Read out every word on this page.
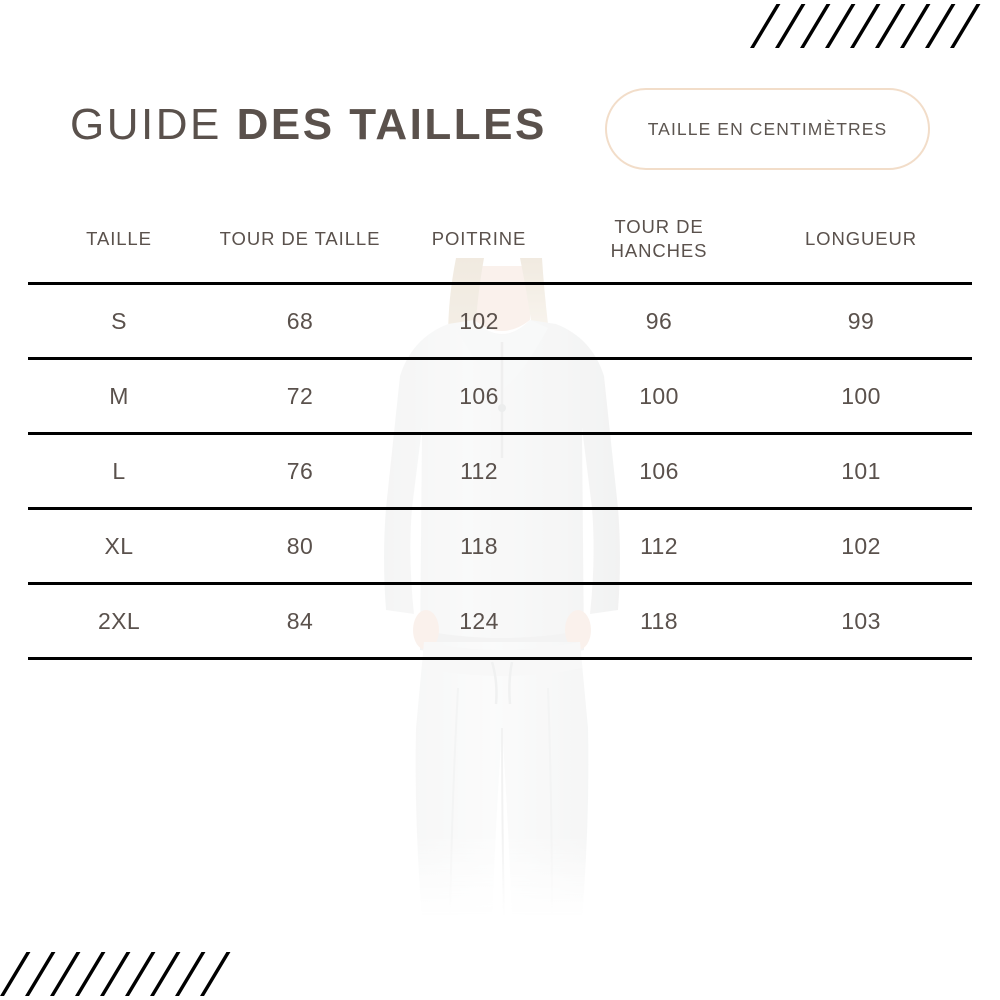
GUIDE DES TAILLES	TAILLE EN CENTIMÈTRES
TAILLE	TOUR DE TAILLE	POITRINE	TOUR DE HANCHES	LONGUEUR
S	68	102	96	99
M	72	106	100	100
L	76	112	106	101
XL	80	118	112	102
2XL	84	124	118	103
